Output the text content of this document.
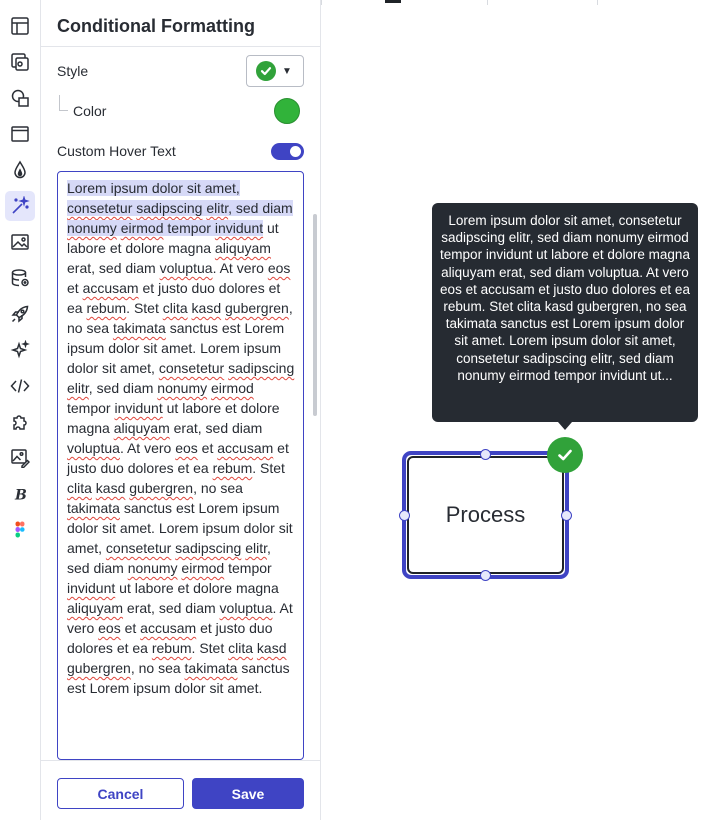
B
Conditional Formatting
Style	▼
Color
Custom Hover Text

Lorem ipsum dolor sit amet, consetetur sadipscing elitr, sed diam nonumy eirmod tempor invidunt ut labore et dolore magna aliquyam erat, sed diam voluptua. At vero eos et accusam et justo duo dolores et ea rebum. Stet clita kasd gubergren, no sea takimata sanctus est Lorem ipsum dolor sit amet. Lorem ipsum dolor sit amet, consetetur sadipscing elitr, sed diam nonumy eirmod tempor invidunt ut labore et dolore magna aliquyam erat, sed diam voluptua. At vero eos et accusam et justo duo dolores et ea rebum. Stet clita kasd gubergren, no sea takimata sanctus est Lorem ipsum dolor sit amet. Lorem ipsum dolor sit amet, consetetur sadipscing elitr, sed diam nonumy eirmod tempor invidunt ut labore et dolore magna aliquyam erat, sed diam voluptua. At vero eos et accusam et justo duo dolores et ea rebum. Stet clita kasd gubergren, no sea takimata sanctus est Lorem ipsum dolor sit amet.

Cancel	Save

Lorem ipsum dolor sit amet, consetetur sadipscing elitr, sed diam nonumy eirmod tempor invidunt ut labore et dolore magna aliquyam erat, sed diam voluptua. At vero eos et accusam et justo duo dolores et ea rebum. Stet clita kasd gubergren, no sea takimata sanctus est Lorem ipsum dolor sit amet. Lorem ipsum dolor sit amet, consetetur sadipscing elitr, sed diam nonumy eirmod tempor invidunt ut...

Process
